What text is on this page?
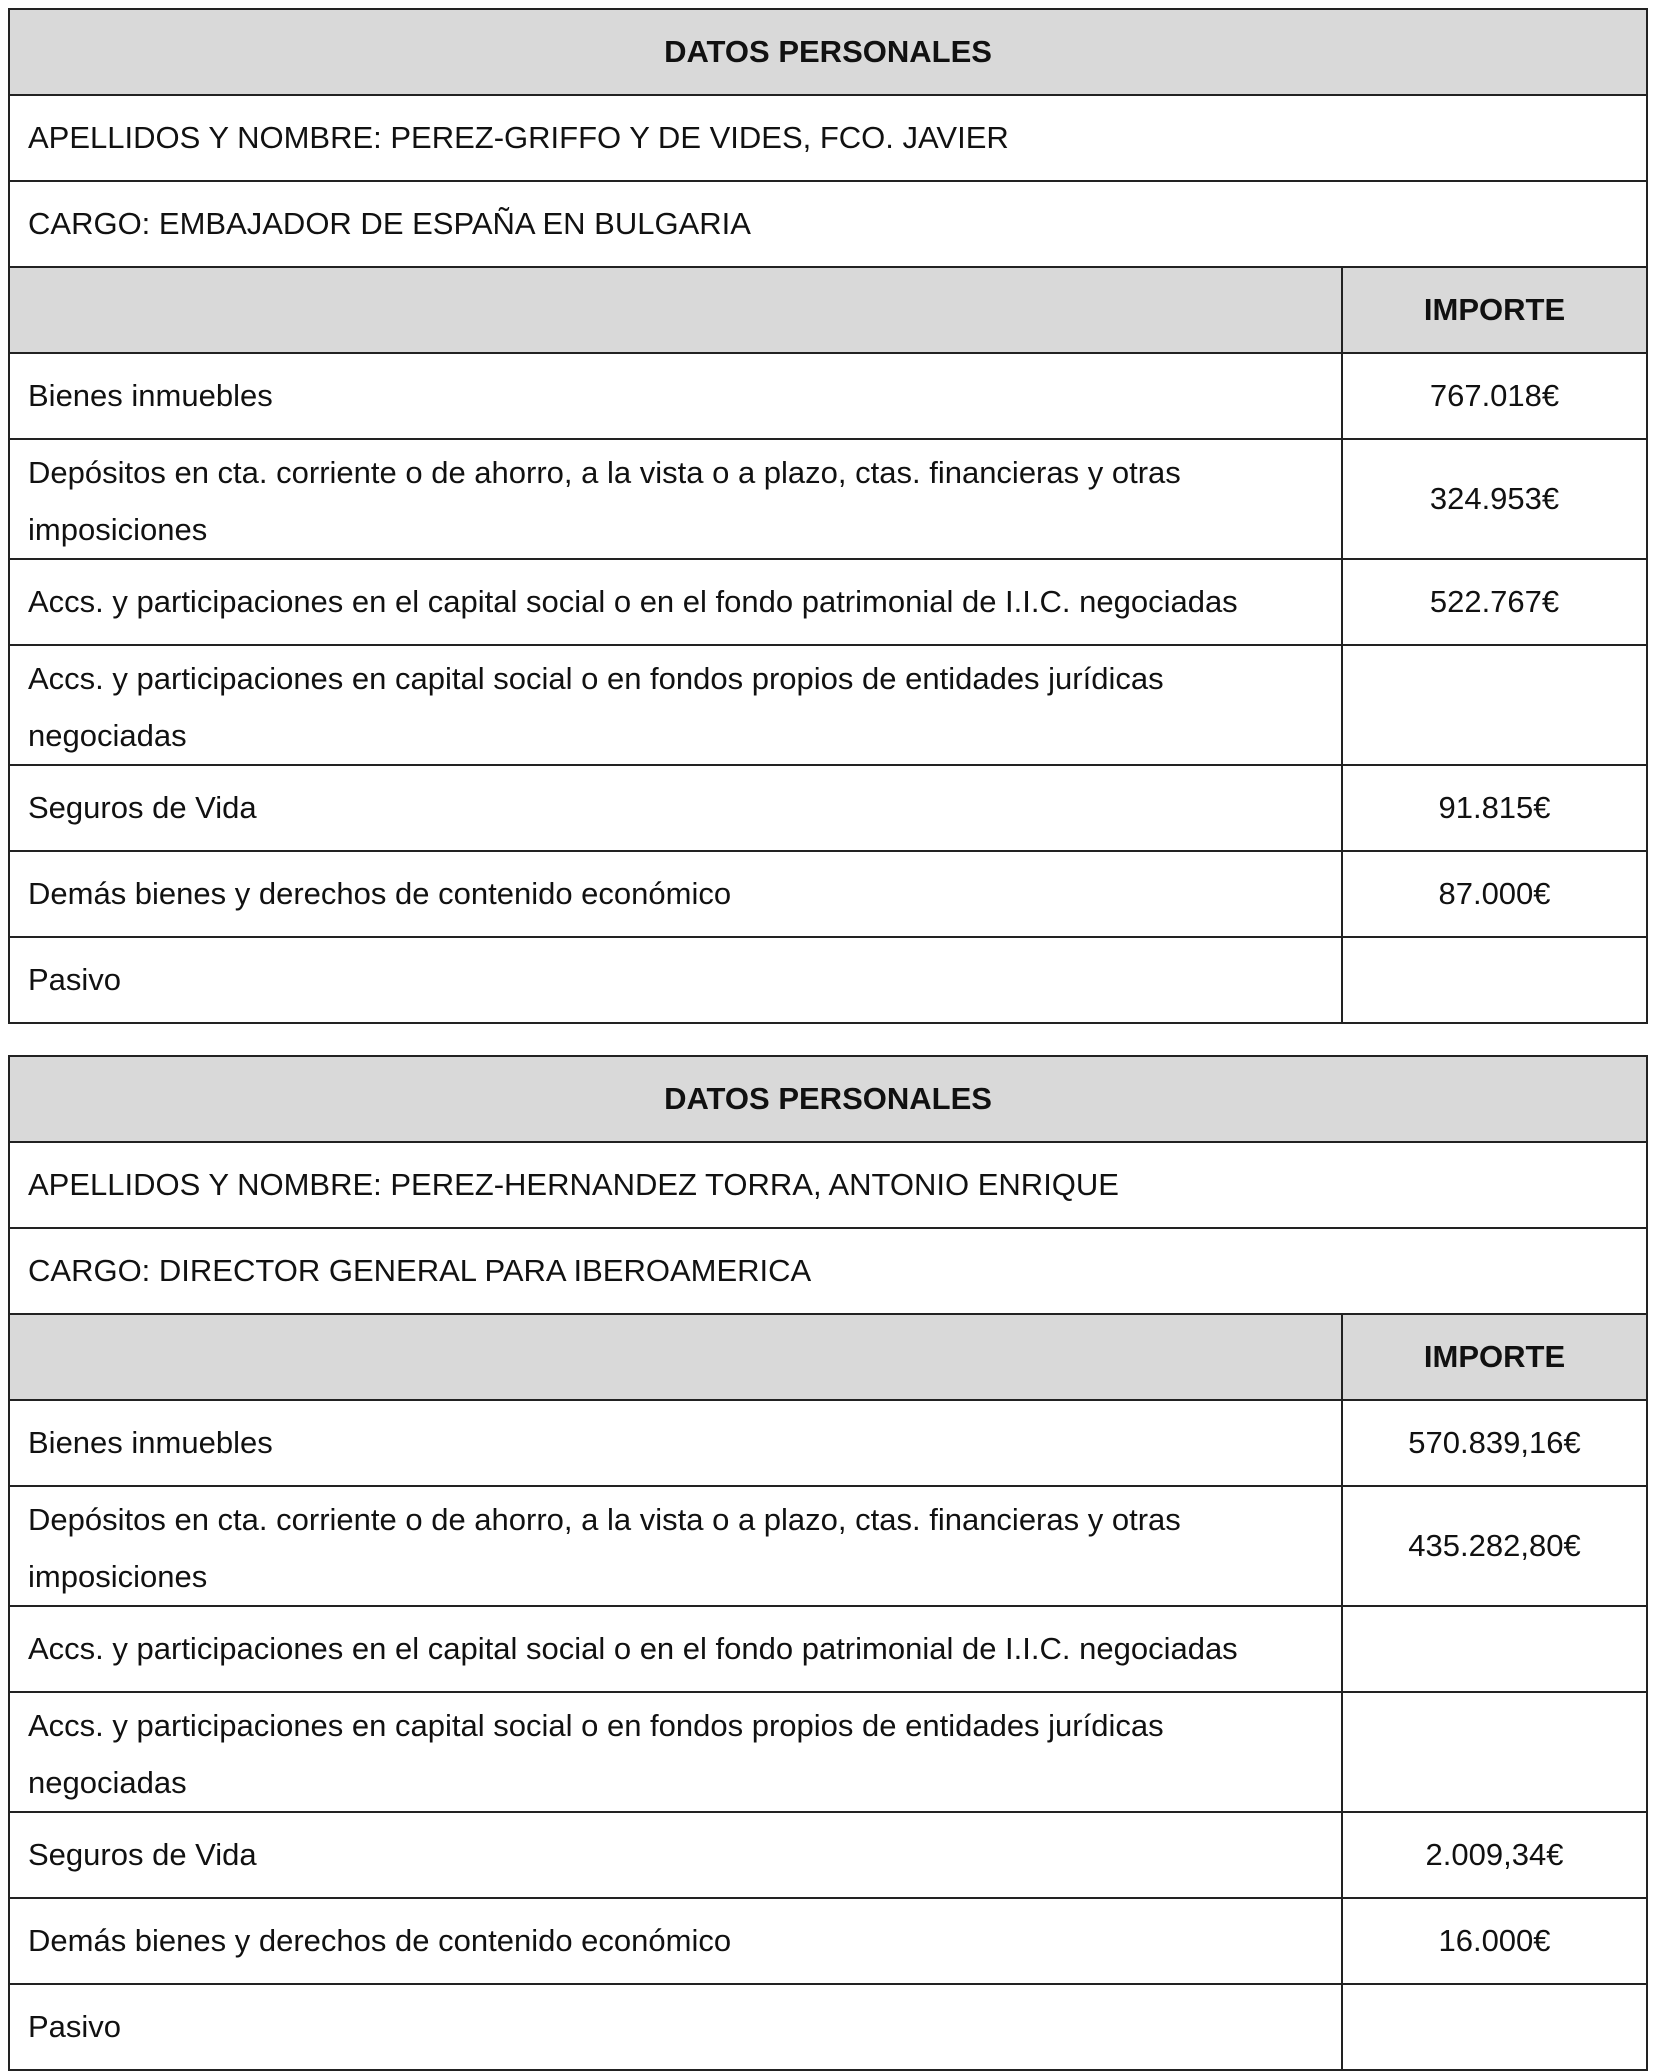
DATOS PERSONALES	
APELLIDOS Y NOMBRE: PEREZ-GRIFFO Y DE VIDES, FCO. JAVIER	
CARGO: EMBAJADOR DE ESPAÑA EN BULGARIA	
	IMPORTE
Bienes inmuebles	767.018€
Depósitos en cta. corriente o de ahorro, a la vista o a plazo, ctas. financieras y otras imposiciones	324.953€
Accs. y participaciones en el capital social o en el fondo patrimonial de I.I.C. negociadas	522.767€
Accs. y participaciones en capital social o en fondos propios de entidades jurídicas negociadas	
Seguros de Vida	91.815€
Demás bienes y derechos de contenido económico	87.000€
Pasivo	
DATOS PERSONALES	
APELLIDOS Y NOMBRE: PEREZ-HERNANDEZ TORRA, ANTONIO ENRIQUE	
CARGO: DIRECTOR GENERAL PARA IBEROAMERICA	
	IMPORTE
Bienes inmuebles	570.839,16€
Depósitos en cta. corriente o de ahorro, a la vista o a plazo, ctas. financieras y otras imposiciones	435.282,80€
Accs. y participaciones en el capital social o en el fondo patrimonial de I.I.C. negociadas	
Accs. y participaciones en capital social o en fondos propios de entidades jurídicas negociadas	
Seguros de Vida	2.009,34€
Demás bienes y derechos de contenido económico	16.000€
Pasivo	
